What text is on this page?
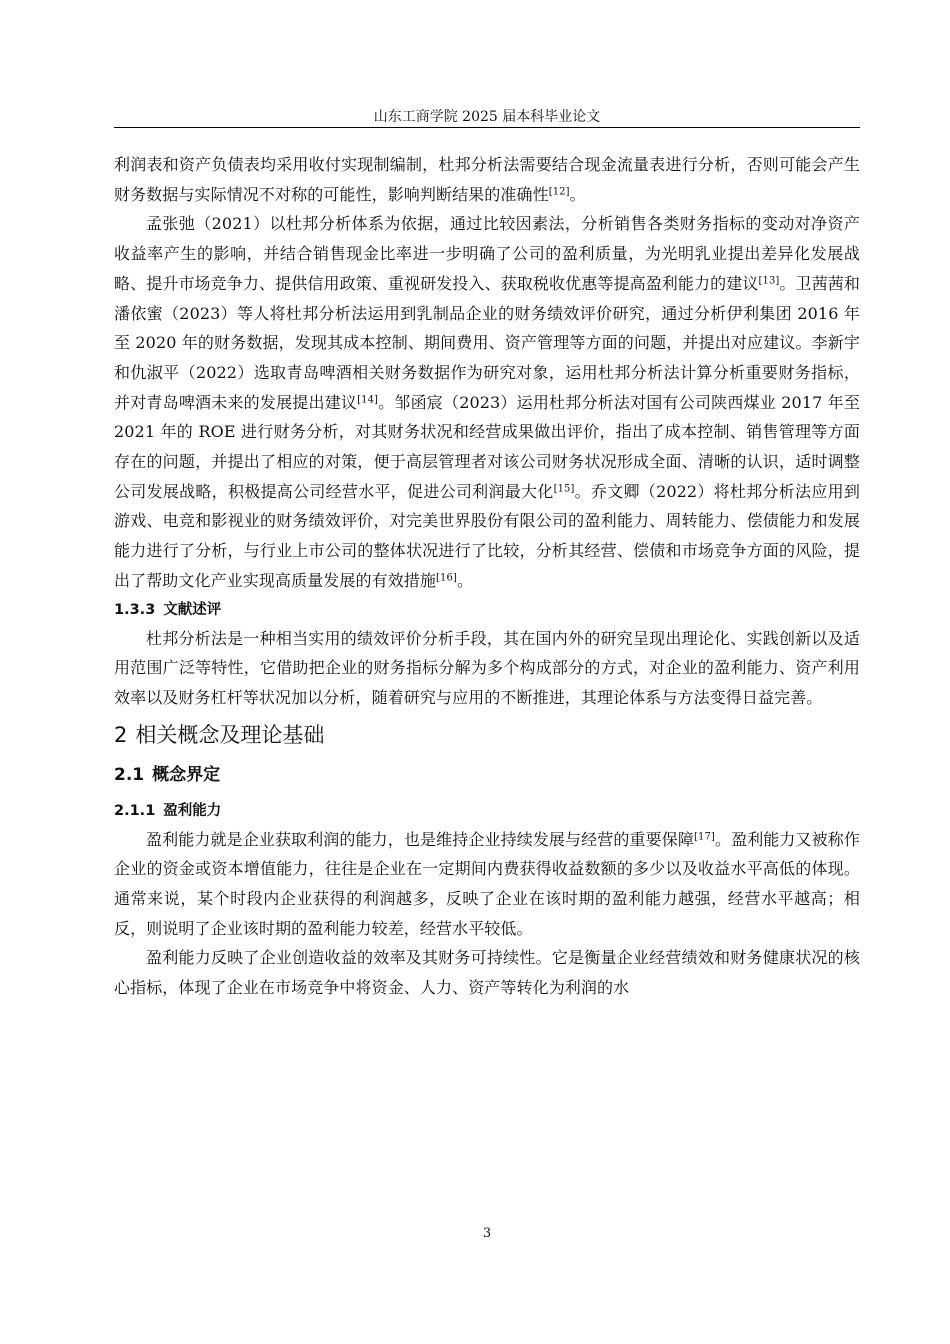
山东工商学院 2025 届本科毕业论文

利润表和资产负债表均采用收付实现制编制，杜邦分析法需要结合现金流量表进行分析，否则可能会产生财务数据与实际情况不对称的可能性，影响判断结果的准确性[12]。

孟张弛（2021）以杜邦分析体系为依据，通过比较因素法，分析销售各类财务指标的变动对净资产收益率产生的影响，并结合销售现金比率进一步明确了公司的盈利质量，为光明乳业提出差异化发展战略、提升市场竞争力、提供信用政策、重视研发投入、获取税收优惠等提高盈利能力的建议[13]。卫茜茜和潘依蜜（2023）等人将杜邦分析法运用到乳制品企业的财务绩效评价研究，通过分析伊利集团 2016 年至 2020 年的财务数据，发现其成本控制、期间费用、资产管理等方面的问题，并提出对应建议。李新宇和仇淑平（2022）选取青岛啤酒相关财务数据作为研究对象，运用杜邦分析法计算分析重要财务指标，并对青岛啤酒未来的发展提出建议[14]。邹函宸（2023）运用杜邦分析法对国有公司陕西煤业 2017 年至 2021 年的 ROE 进行财务分析，对其财务状况和经营成果做出评价，指出了成本控制、销售管理等方面存在的问题，并提出了相应的对策，便于高层管理者对该公司财务状况形成全面、清晰的认识，适时调整公司发展战略，积极提高公司经营水平，促进公司利润最大化[15]。乔文卿（2022）将杜邦分析法应用到游戏、电竞和影视业的财务绩效评价，对完美世界股份有限公司的盈利能力、周转能力、偿债能力和发展能力进行了分析，与行业上市公司的整体状况进行了比较，分析其经营、偿债和市场竞争方面的风险，提出了帮助文化产业实现高质量发展的有效措施[16]。

1.3.3 文献述评

杜邦分析法是一种相当实用的绩效评价分析手段，其在国内外的研究呈现出理论化、实践创新以及适用范围广泛等特性，它借助把企业的财务指标分解为多个构成部分的方式，对企业的盈利能力、资产利用效率以及财务杠杆等状况加以分析，随着研究与应用的不断推进，其理论体系与方法变得日益完善。

2 相关概念及理论基础
2.1 概念界定
2.1.1 盈利能力

盈利能力就是企业获取利润的能力，也是维持企业持续发展与经营的重要保障[17]。盈利能力又被称作企业的资金或资本增值能力，往往是企业在一定期间内费获得收益数额的多少以及收益水平高低的体现。通常来说，某个时段内企业获得的利润越多，反映了企业在该时期的盈利能力越强，经营水平越高；相反，则说明了企业该时期的盈利能力较差，经营水平较低。

盈利能力反映了企业创造收益的效率及其财务可持续性。它是衡量企业经营绩效和财务健康状况的核心指标，体现了企业在市场竞争中将资金、人力、资产等转化为利润的水

3
